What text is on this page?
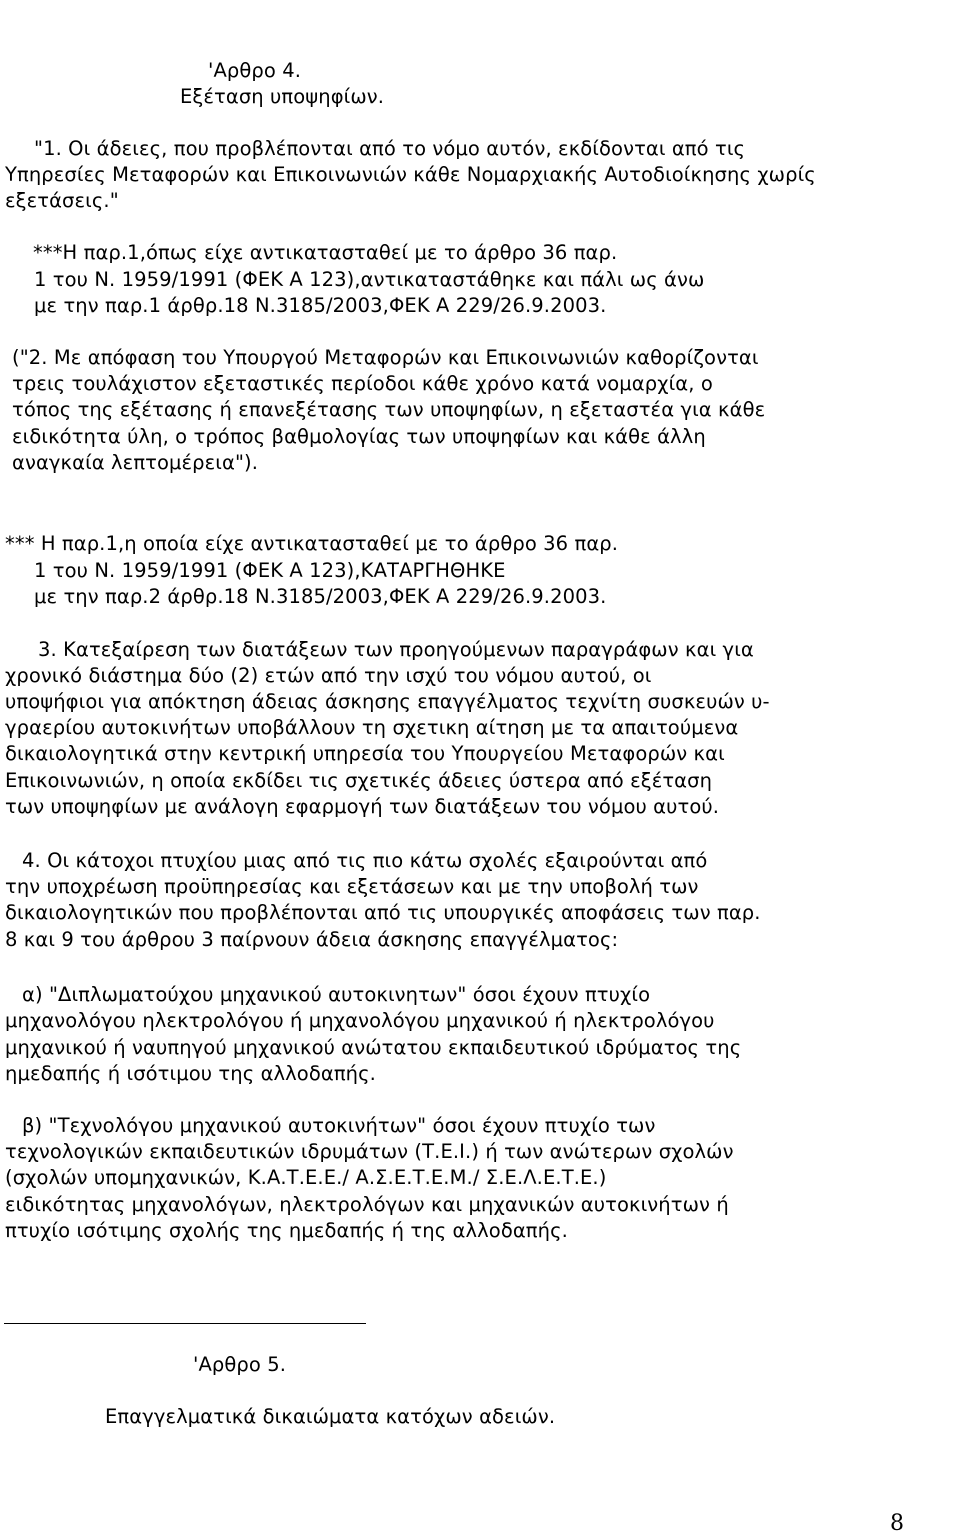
'Αρθρο 4.
Εξέταση υποψηφίων.
"1. Οι άδειες, που προβλέπονται από το νόμο αυτόν, εκδίδονται από τις
Υπηρεσίες Μεταφορών και Επικοινωνιών κάθε Νομαρχιακής Αυτοδιοίκησης χωρίς
εξετάσεις."
***Η παρ.1,όπως είχε αντικατασταθεί με το άρθρο 36 παρ.
1 του Ν. 1959/1991 (ΦΕΚ Α 123),αντικαταστάθηκε και πάλι ως άνω
με την παρ.1 άρθρ.18 Ν.3185/2003,ΦΕΚ Α 229/26.9.2003.
("2. Με απόφαση του Υπουργού Μεταφορών και Επικοινωνιών καθορίζονται
τρεις τουλάχιστον εξεταστικές περίοδοι κάθε χρόνο κατά νομαρχία, ο
τόπος της εξέτασης ή επανεξέτασης των υποψηφίων, η εξεταστέα για κάθε
ειδικότητα ύλη, ο τρόπος βαθμολογίας των υποψηφίων και κάθε άλλη
αναγκαία λεπτομέρεια").
*** Η παρ.1,η οποία είχε αντικατασταθεί με το άρθρο 36 παρ.
1 του Ν. 1959/1991 (ΦΕΚ Α 123),ΚΑΤΑΡΓΗΘΗΚΕ
με την παρ.2 άρθρ.18 Ν.3185/2003,ΦΕΚ Α 229/26.9.2003.
3. Κατεξαίρεση των διατάξεων των προηγούμενων παραγράφων και για
χρονικό διάστημα δύο (2) ετών από την ισχύ του νόμου αυτού, οι
υποψήφιοι για απόκτηση άδειας άσκησης επαγγέλματος τεχνίτη συσκευών υ-
γραερίου αυτοκινήτων υποβάλλουν τη σχετικη αίτηση με τα απαιτούμενα
δικαιολογητικά στην κεντρική υπηρεσία του Υπουργείου Μεταφορών και
Επικοινωνιών, η οποία εκδίδει τις σχετικές άδειες ύστερα από εξέταση
των υποψηφίων με ανάλογη εφαρμογή των διατάξεων του νόμου αυτού.
4. Οι κάτοχοι πτυχίου μιας από τις πιο κάτω σχολές εξαιρούνται από
την υποχρέωση προϋπηρεσίας και εξετάσεων και με την υποβολή των
δικαιολογητικών που προβλέπονται από τις υπουργικές αποφάσεις των παρ.
8 και 9 του άρθρου 3 παίρνουν άδεια άσκησης επαγγέλματος:
α) "Διπλωματούχου μηχανικού αυτοκινητων" όσοι έχουν πτυχίο
μηχανολόγου ηλεκτρολόγου ή μηχανολόγου μηχανικού ή ηλεκτρολόγου
μηχανικού ή ναυπηγού μηχανικού ανώτατου εκπαιδευτικού ιδρύματος της
ημεδαπής ή ισότιμου της αλλοδαπής.
β) "Τεχνολόγου μηχανικού αυτοκινήτων" όσοι έχουν πτυχίο των
τεχνολογικών εκπαιδευτικών ιδρυμάτων (Τ.Ε.Ι.) ή των ανώτερων σχολών
(σχολών υπομηχανικών, Κ.Α.Τ.Ε.Ε./ Α.Σ.Ε.Τ.Ε.Μ./ Σ.Ε.Λ.Ε.Τ.Ε.)
ειδικότητας μηχανολόγων, ηλεκτρολόγων και μηχανικών αυτοκινήτων ή
πτυχίο ισότιμης σχολής της ημεδαπής ή της αλλοδαπής.
'Αρθρο 5.
Επαγγελματικά δικαιώματα κατόχων αδειών.
8
